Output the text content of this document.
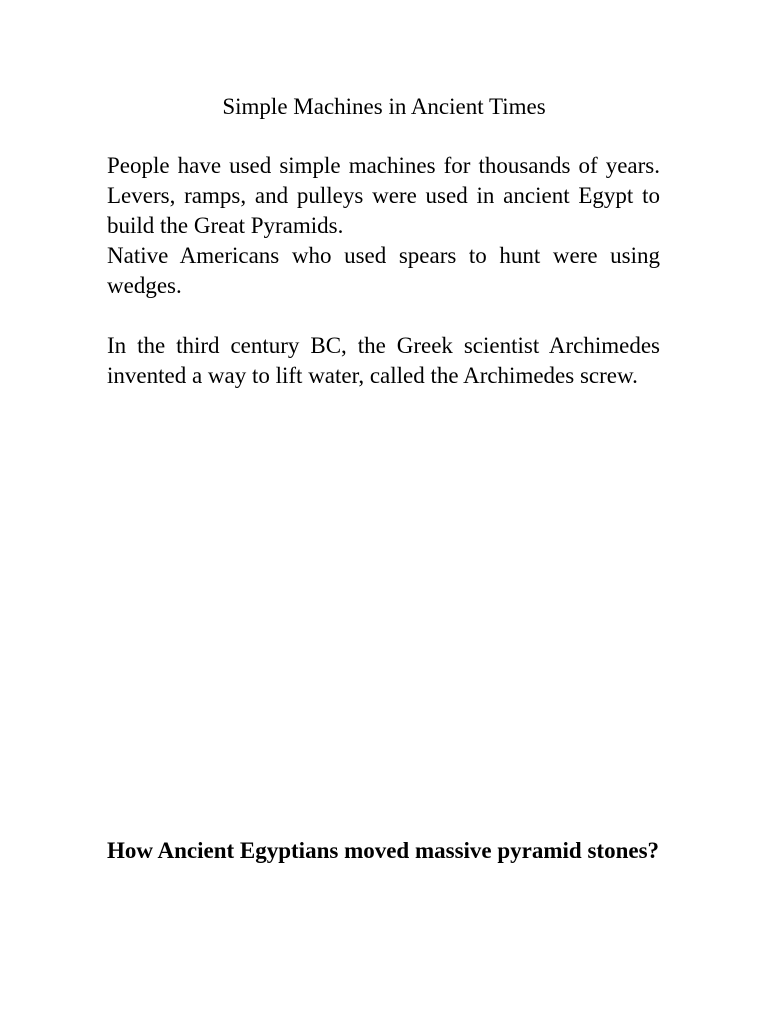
Simple Machines in Ancient Times

People have used simple machines for thousands of years. Levers, ramps, and pulleys were used in ancient Egypt to build the Great Pyramids.

Native Americans who used spears to hunt were using wedges.

In the third century BC, the Greek scientist Archimedes invented a way to lift water, called the Archimedes screw.

How Ancient Egyptians moved massive pyramid stones?
